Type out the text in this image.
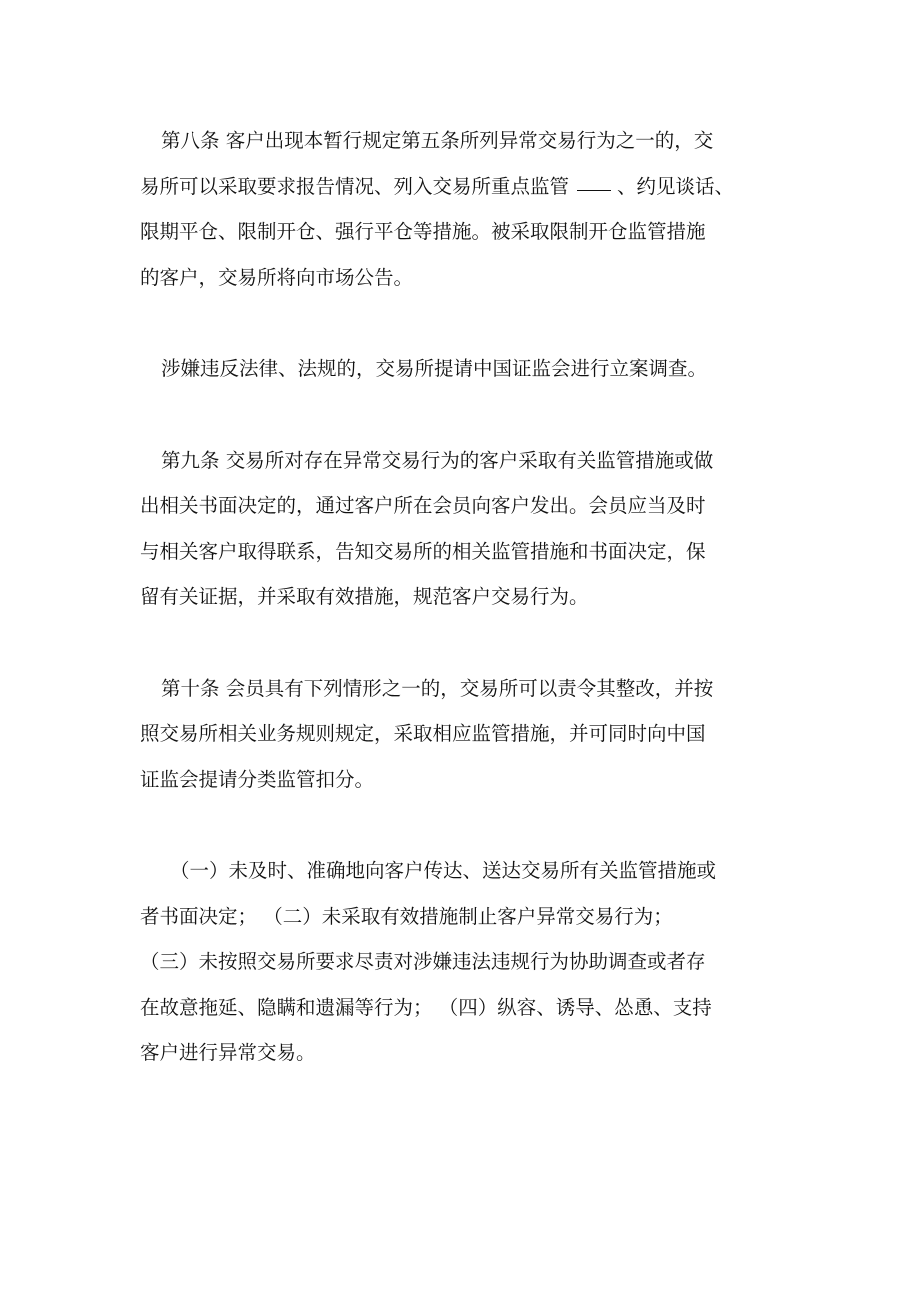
第八条 客户出现本暂行规定第五条所列异常交易行为之一的，交
易所可以采取要求报告情况、列入交易所重点监管 、约见谈话、
限期平仓、限制开仓、强行平仓等措施。被采取限制开仓监管措施
的客户，交易所将向市场公告。
涉嫌违反法律、法规的，交易所提请中国证监会进行立案调查。
第九条 交易所对存在异常交易行为的客户采取有关监管措施或做
出相关书面决定的，通过客户所在会员向客户发出。会员应当及时
与相关客户取得联系，告知交易所的相关监管措施和书面决定，保
留有关证据，并采取有效措施，规范客户交易行为。
第十条 会员具有下列情形之一的，交易所可以责令其整改，并按
照交易所相关业务规则规定，采取相应监管措施，并可同时向中国
证监会提请分类监管扣分。
（一）未及时、准确地向客户传达、送达交易所有关监管措施或
者书面决定； （二）未采取有效措施制止客户异常交易行为；
（三）未按照交易所要求尽责对涉嫌违法违规行为协助调查或者存
在故意拖延、隐瞒和遗漏等行为； （四）纵容、诱导、怂恿、支持
客户进行异常交易。
